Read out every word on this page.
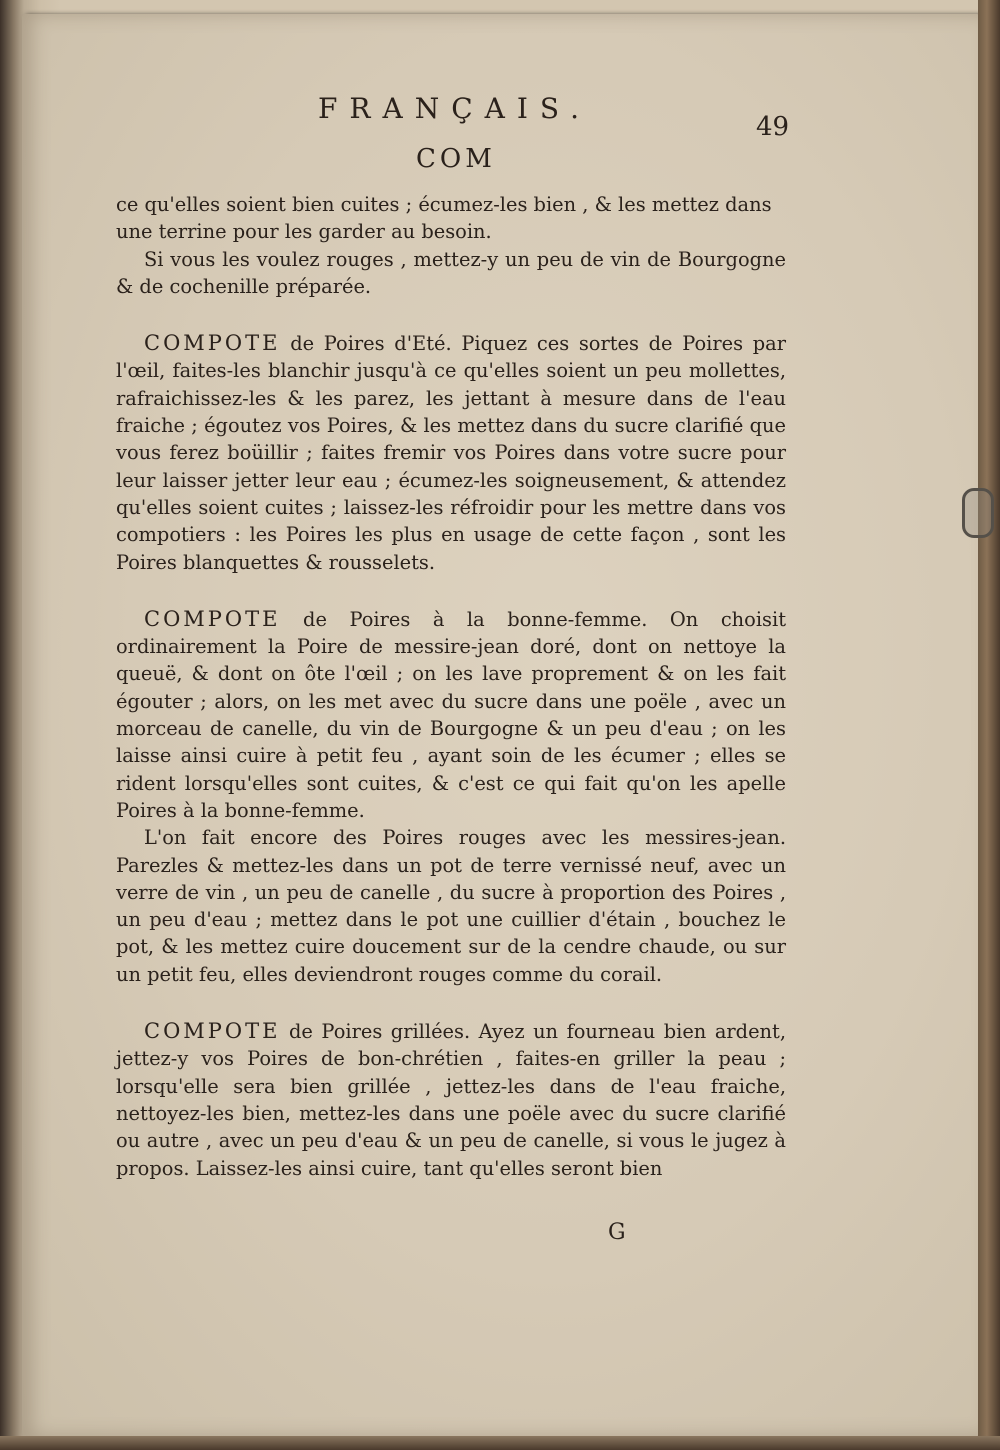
FRANÇAIS.
49
COM

ce qu'elles soient bien cuites ; écumez-les bien , & les mettez dans

une terrine pour les garder au besoin.

Si vous les voulez rouges , mettez-y un peu de vin de Bourgogne & de cochenille préparée.

COMPOTE de Poires d'Eté. Piquez ces sortes de Poires par l'œil, faites-les blanchir jusqu'à ce qu'elles soient un peu mollettes, rafraichissez-les & les parez, les jettant à mesure dans de l'eau fraiche ; égoutez vos Poires, & les mettez dans du sucre clarifié que vous ferez boüillir ; faites fremir vos Poires dans votre sucre pour leur laisser jetter leur eau ; écumez-les soigneusement, & attendez qu'elles soient cuites ; laissez-les réfroidir pour les mettre dans vos compotiers : les Poires les plus en usage de cette façon , sont les Poires blanquettes & rousselets.

COMPOTE de Poires à la bonne-femme. On choisit ordinairement la Poire de messire-jean doré, dont on nettoye la queuë, & dont on ôte l'œil ; on les lave proprement & on les fait égouter ; alors, on les met avec du sucre dans une poële , avec un morceau de canelle, du vin de Bourgogne & un peu d'eau ; on les laisse ainsi cuire à petit feu , ayant soin de les écumer ; elles se rident lorsqu'elles sont cuites, & c'est ce qui fait qu'on les apelle Poires à la bonne-femme.

L'on fait encore des Poires rouges avec les messires-jean. Parezles & mettez-les dans un pot de terre vernissé neuf, avec un verre de vin , un peu de canelle , du sucre à proportion des Poires , un peu d'eau ; mettez dans le pot une cuillier d'étain , bouchez le pot, & les mettez cuire doucement sur de la cendre chaude, ou sur un petit feu, elles deviendront rouges comme du corail.

COMPOTE de Poires grillées. Ayez un fourneau bien ardent, jettez-y vos Poires de bon-chrétien , faites-en griller la peau ; lorsqu'elle sera bien grillée , jettez-les dans de l'eau fraiche, nettoyez-les bien, mettez-les dans une poële avec du sucre clarifié ou autre , avec un peu d'eau & un peu de canelle, si vous le jugez à propos. Laissez-les ainsi cuire, tant qu'elles seront bien

G
